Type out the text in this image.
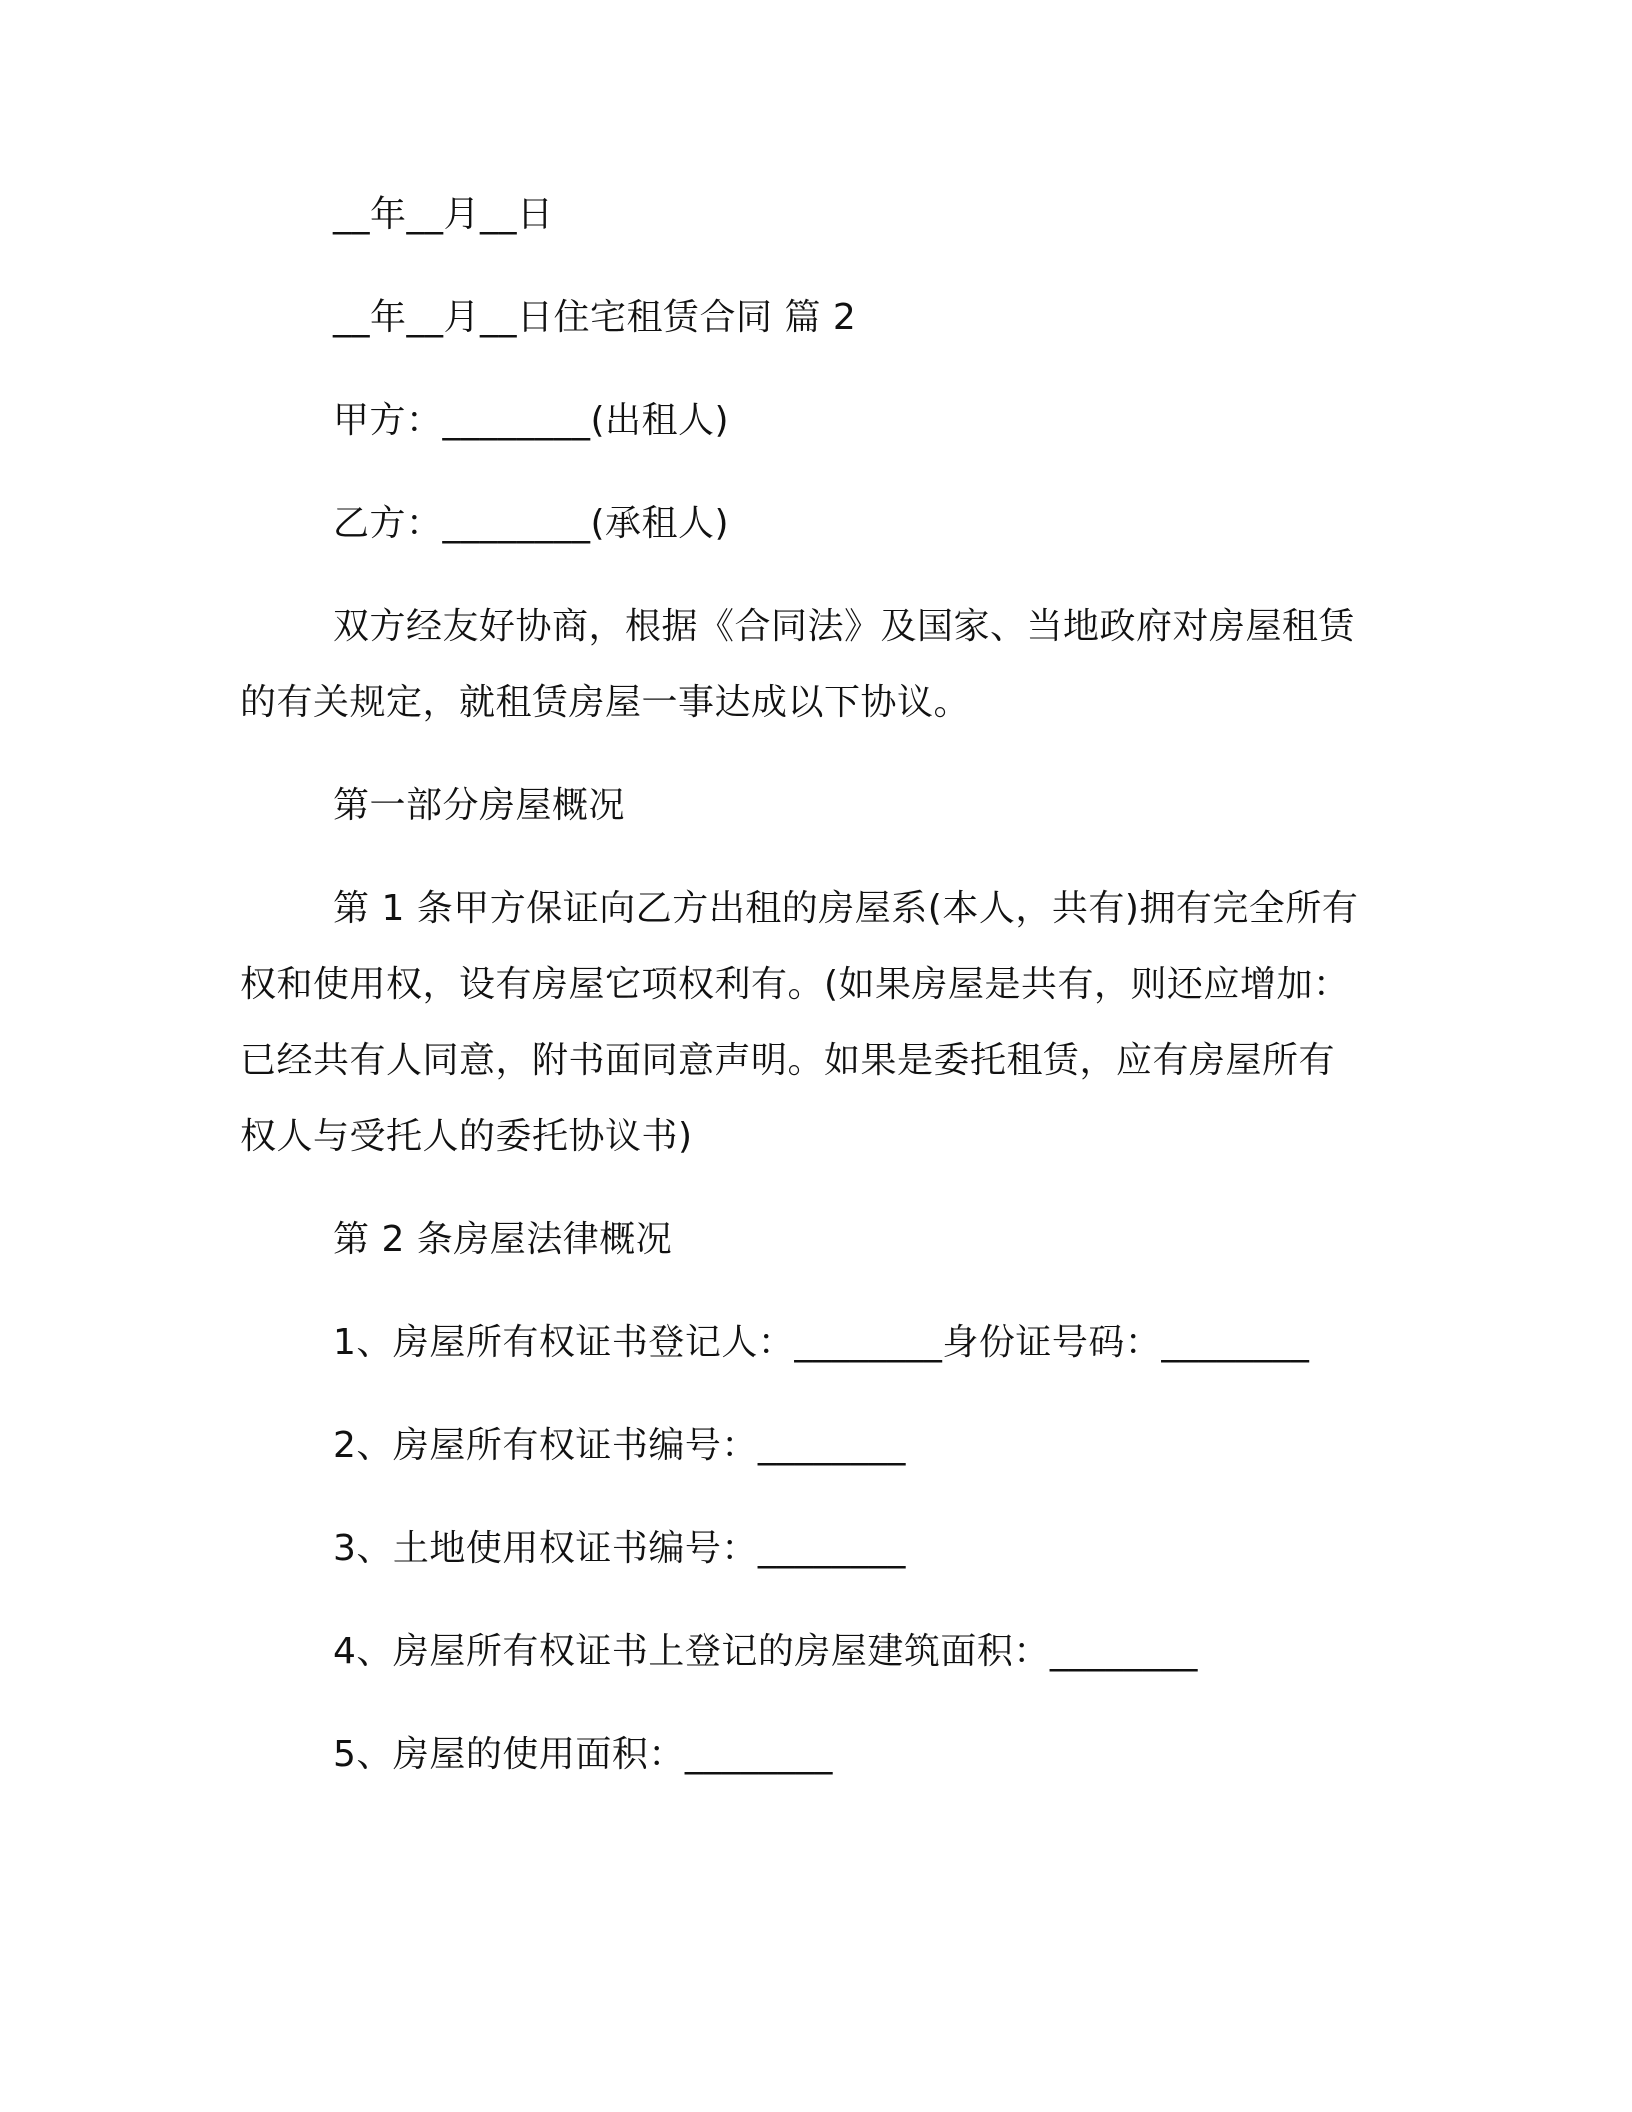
__年__月__日
__年__月__日住宅租赁合同 篇 2
甲方：________(出租人)
乙方：________(承租人)
双方经友好协商，根据《合同法》及国家、当地政府对房屋租赁
的有关规定，就租赁房屋一事达成以下协议。
第一部分房屋概况
第 1 条甲方保证向乙方出租的房屋系(本人，共有)拥有完全所有
权和使用权，设有房屋它项权利有。(如果房屋是共有，则还应增加：
已经共有人同意，附书面同意声明。如果是委托租赁，应有房屋所有
权人与受托人的委托协议书)
第 2 条房屋法律概况
1、房屋所有权证书登记人：________身份证号码：________
2、房屋所有权证书编号：________
3、土地使用权证书编号：________
4、房屋所有权证书上登记的房屋建筑面积：________
5、房屋的使用面积：________
